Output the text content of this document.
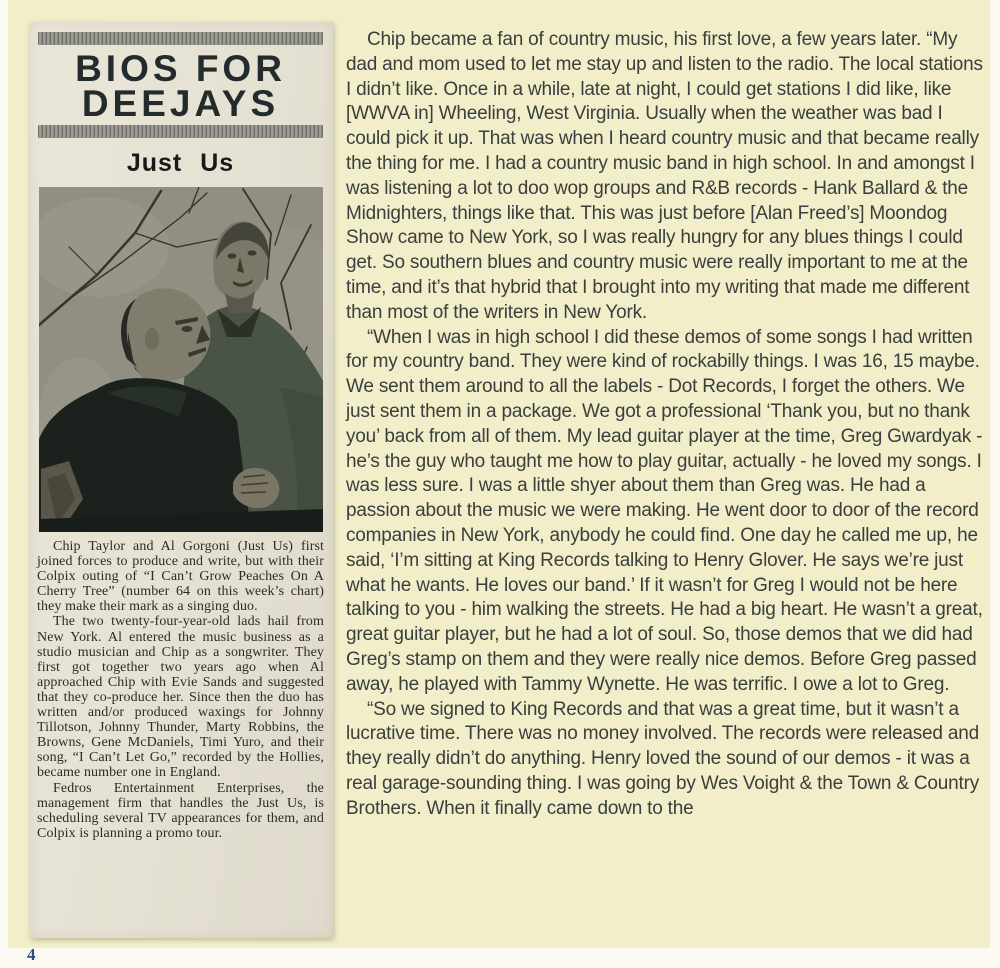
BIOS FOR
DEEJAYS
Just Us

Chip Taylor and Al Gorgoni (Just Us) first joined forces to produce and write, but with their Colpix outing of “I Can’t Grow Peaches On A Cherry Tree” (number 64 on this week’s chart) they make their mark as a singing duo.

The two twenty-four-year-old lads hail from New York. Al entered the music business as a studio musician and Chip as a songwriter. They first got together two years ago when Al approached Chip with Evie Sands and suggested that they co-produce her. Since then the duo has written and/or produced waxings for Johnny Tillotson, Johnny Thunder, Marty Robbins, the Browns, Gene McDaniels, Timi Yuro, and their song, “I Can’t Let Go,” recorded by the Hollies, became number one in England.

Fedros Entertainment Enterprises, the management firm that handles the Just Us, is scheduling several TV appearances for them, and Colpix is planning a promo tour.

Chip became a fan of country music, his first love, a few years later. “My dad and mom used to let me stay up and listen to the radio. The local stations I didn’t like. Once in a while, late at night, I could get stations I did like, like [WWVA in] Wheeling, West Virginia. Usually when the weather was bad I could pick it up. That was when I heard country music and that became really the thing for me. I had a country music band in high school. In and amongst I was listening a lot to doo wop groups and R&B records - Hank Ballard & the Midnighters, things like that. This was just before [Alan Freed’s] Moondog Show came to New York, so I was really hungry for any blues things I could get. So southern blues and country music were really important to me at the time, and it’s that hybrid that I brought into my writing that made me different than most of the writers in New York.

“When I was in high school I did these demos of some songs I had written for my country band. They were kind of rockabilly things. I was 16, 15 maybe. We sent them around to all the labels - Dot Records, I forget the others. We just sent them in a package. We got a professional ‘Thank you, but no thank you’ back from all of them. My lead guitar player at the time, Greg Gwardyak - he’s the guy who taught me how to play guitar, actually - he loved my songs. I was less sure. I was a little shyer about them than Greg was. He had a passion about the music we were making. He went door to door of the record companies in New York, anybody he could find. One day he called me up, he said, ‘I’m sitting at King Records talking to Henry Glover. He says we’re just what he wants. He loves our band.’ If it wasn’t for Greg I would not be here talking to you - him walking the streets. He had a big heart. He wasn’t a great, great guitar player, but he had a lot of soul. So, those demos that we did had Greg’s stamp on them and they were really nice demos. Before Greg passed away, he played with Tammy Wynette. He was terrific. I owe a lot to Greg.

“So we signed to King Records and that was a great time, but it wasn’t a lucrative time. There was no money involved. The records were released and they really didn’t do anything. Henry loved the sound of our demos - it was a real garage-sounding thing. I was going by Wes Voight & the Town & Country Brothers. When it finally came down to the

4
